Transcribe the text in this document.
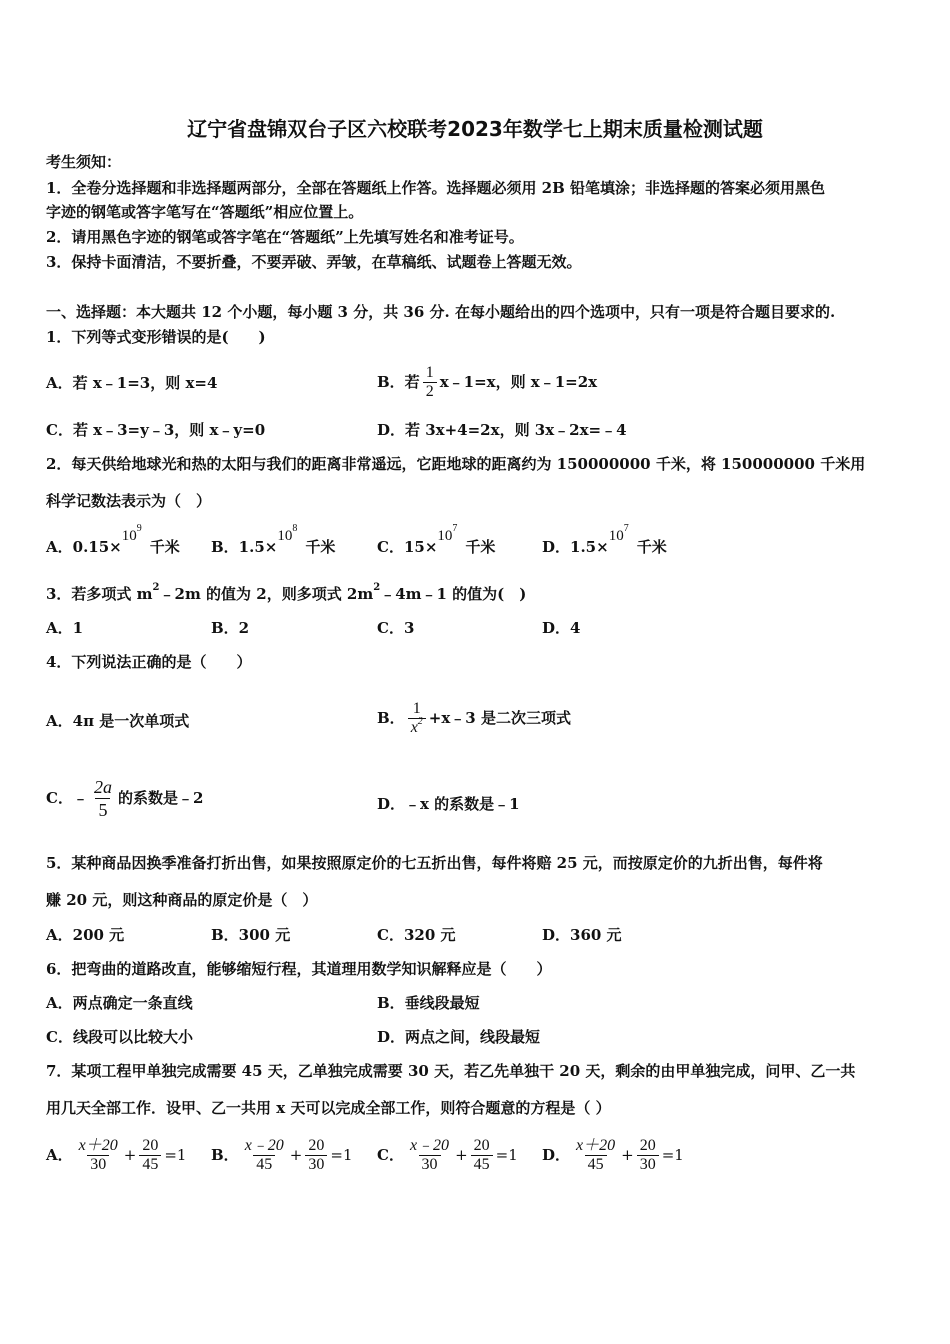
辽宁省盘锦双台子区六校联考2023年数学七上期末质量检测试题
考生须知：
1．全卷分选择题和非选择题两部分，全部在答题纸上作答。选择题必须用 2B 铅笔填涂；非选择题的答案必须用黑色
字迹的钢笔或答字笔写在“答题纸”相应位置上。
2．请用黑色字迹的钢笔或答字笔在“答题纸”上先填写姓名和准考证号。
3．保持卡面清洁，不要折叠，不要弄破、弄皱，在草稿纸、试题卷上答题无效。
一、选择题：本大题共 12 个小题，每小题 3 分，共 36 分. 在每小题给出的四个选项中，只有一项是符合题目要求的.
1．下列等式变形错误的是(　　)
A．若 x﹣1=3，则 x=4	B．若 $\frac{1}{2}$ x﹣1=x，则 x﹣1=2x
C．若 x﹣3=y﹣3，则 x﹣y=0	D．若 3x+4=2x，则 3x﹣2x=﹣4
2．每天供给地球光和热的太阳与我们的距离非常遥远，它距地球的距离约为 150000000 千米，将 150000000 千米用
科学记数法表示为（　）
A．$0.15\times 10^9$千米 B．$1.5\times 10^8$千米	C．$15\times 10^7$千米	D．$1.5\times 10^7$千米
3．若多项式 $m^2﹣2m$ 的值为 2，则多项式 $2m^2﹣4m﹣1$ 的值为(　)
A．1	B．2	C．3	D．4
4．下列说法正确的是（　　）
A．4π 是一次单项式	B． $\frac{1}{x^2}$ +x﹣3 是二次三项式
C．﹣ $\frac{2a}{5}$ 的系数是﹣2	D．﹣x 的系数是﹣1
5．某种商品因换季准备打折出售，如果按照原定价的七五折出售，每件将赔 25 元，而按原定价的九折出售，每件将
赚 20 元，则这种商品的原定价是（　）
A．200 元	B．300 元	C．320 元	D．360 元
6．把弯曲的道路改直，能够缩短行程，其道理用数学知识解释应是（　　）
A．两点确定一条直线	B．垂线段最短
C．线段可以比较大小	D．两点之间，线段最短
7．某项工程甲单独完成需要 45 天，乙单独完成需要 30 天，若乙先单独干 20 天，剩余的由甲单独完成，问甲、乙一共
用几天全部工作．设甲、乙一共用 x 天可以完成全部工作，则符合题意的方程是（ ）
A． $\frac{x+20}{30} + \frac{20}{45} =1$ B． $\frac{x﹣20}{45} + \frac{20}{30} =1$ C． $\frac{x﹣20}{30} + \frac{20}{45} =1$ D． $\frac{x+20}{45} + \frac{20}{30} =1$
